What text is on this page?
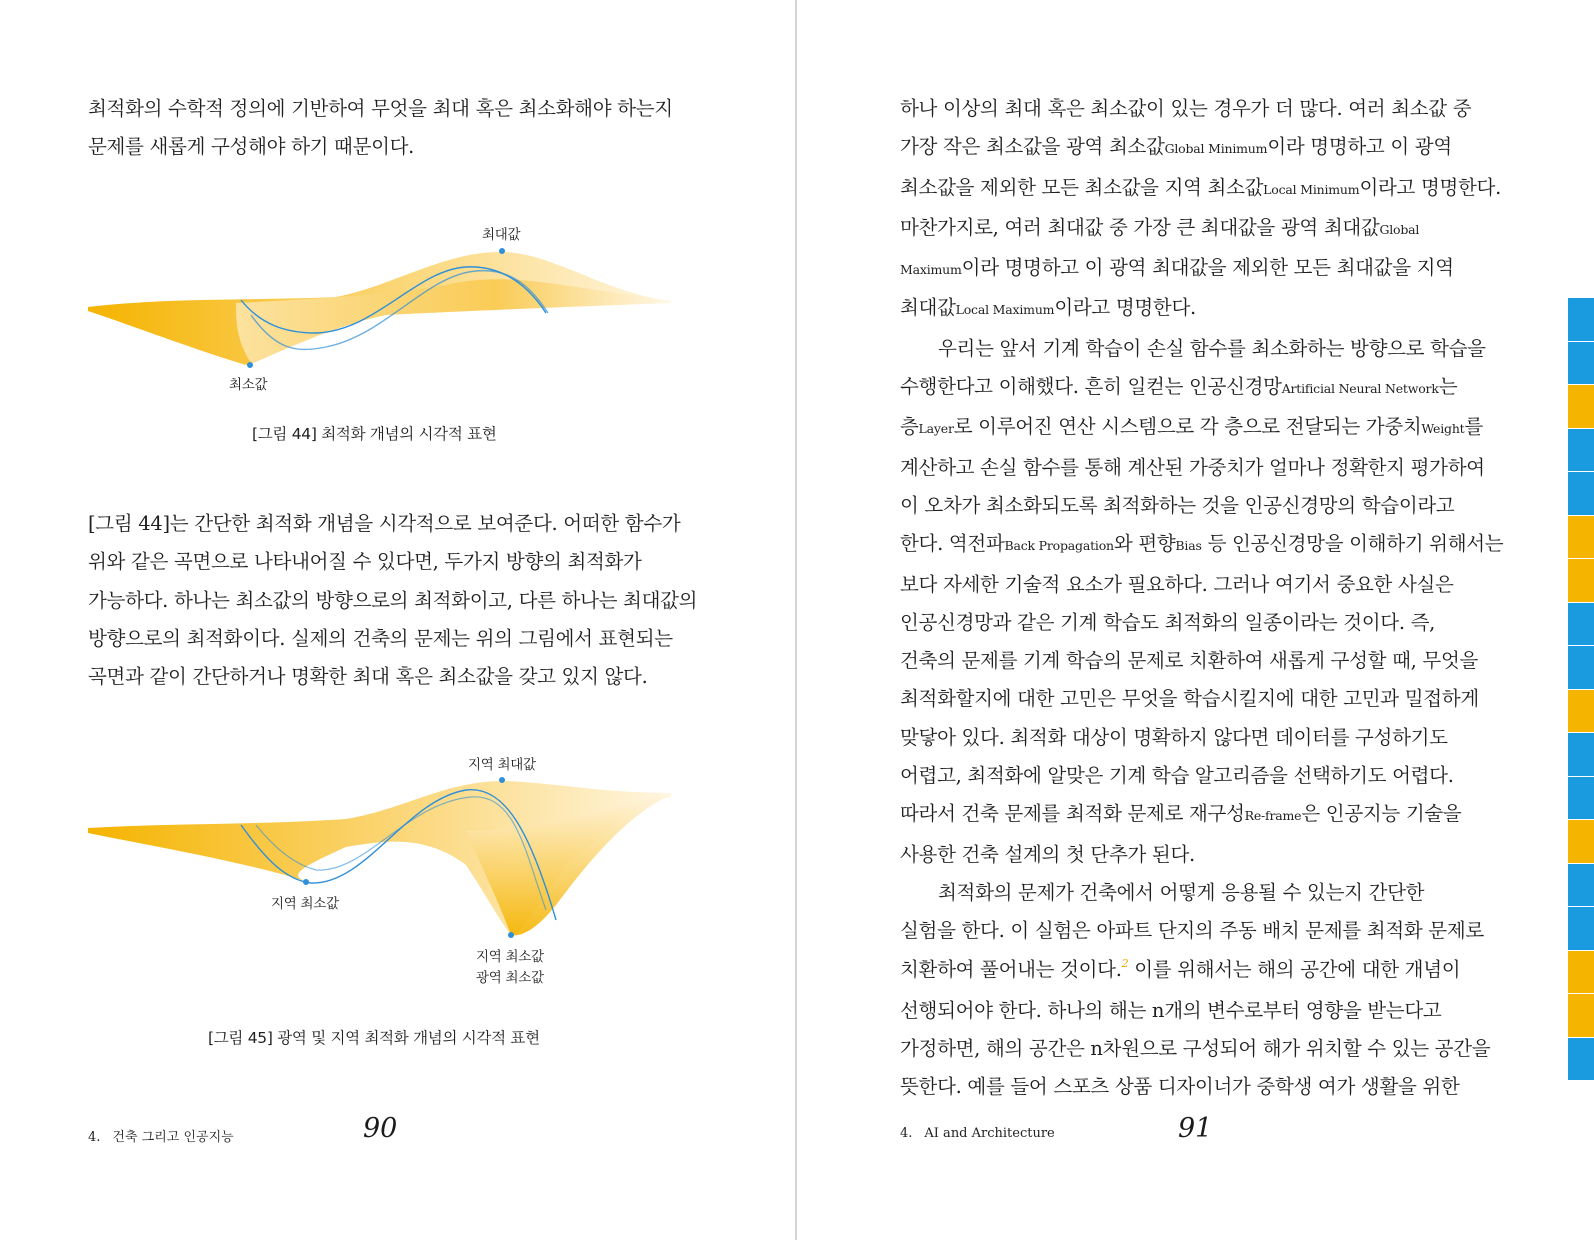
최적화의 수학적 정의에 기반하여 무엇을 최대 혹은 최소화해야 하는지

문제를 새롭게 구성해야 하기 때문이다.

최대값
최소값
[그림 44] 최적화 개념의 시각적 표현

[그림 44]는 간단한 최적화 개념을 시각적으로 보여준다. 어떠한 함수가

위와 같은 곡면으로 나타내어질 수 있다면, 두가지 방향의 최적화가

가능하다. 하나는 최소값의 방향으로의 최적화이고, 다른 하나는 최대값의

방향으로의 최적화이다. 실제의 건축의 문제는 위의 그림에서 표현되는

곡면과 같이 간단하거나 명확한 최대 혹은 최소값을 갖고 있지 않다.

지역 최대값
지역 최소값
지역 최소값
광역 최소값
[그림 45] 광역 및 지역 최적화 개념의 시각적 표현
4. 건축 그리고 인공지능	90

하나 이상의 최대 혹은 최소값이 있는 경우가 더 많다. 여러 최소값 중

가장 작은 최소값을 광역 최소값Global Minimum이라 명명하고 이 광역

최소값을 제외한 모든 최소값을 지역 최소값Local Minimum이라고 명명한다.

마찬가지로, 여러 최대값 중 가장 큰 최대값을 광역 최대값Global

Maximum이라 명명하고 이 광역 최대값을 제외한 모든 최대값을 지역

최대값Local Maximum이라고 명명한다.

우리는 앞서 기계 학습이 손실 함수를 최소화하는 방향으로 학습을

수행한다고 이해했다. 흔히 일컫는 인공신경망Artificial Neural Network는

층Layer로 이루어진 연산 시스템으로 각 층으로 전달되는 가중치Weight를

계산하고 손실 함수를 통해 계산된 가중치가 얼마나 정확한지 평가하여

이 오차가 최소화되도록 최적화하는 것을 인공신경망의 학습이라고

한다. 역전파Back Propagation와 편향Bias 등 인공신경망을 이해하기 위해서는

보다 자세한 기술적 요소가 필요하다. 그러나 여기서 중요한 사실은

인공신경망과 같은 기계 학습도 최적화의 일종이라는 것이다. 즉,

건축의 문제를 기계 학습의 문제로 치환하여 새롭게 구성할 때, 무엇을

최적화할지에 대한 고민은 무엇을 학습시킬지에 대한 고민과 밀접하게

맞닿아 있다. 최적화 대상이 명확하지 않다면 데이터를 구성하기도

어렵고, 최적화에 알맞은 기계 학습 알고리즘을 선택하기도 어렵다.

따라서 건축 문제를 최적화 문제로 재구성Re-frame은 인공지능 기술을

사용한 건축 설계의 첫 단추가 된다.

최적화의 문제가 건축에서 어떻게 응용될 수 있는지 간단한

실험을 한다. 이 실험은 아파트 단지의 주동 배치 문제를 최적화 문제로

치환하여 풀어내는 것이다.$^2$ 이를 위해서는 해의 공간에 대한 개념이

선행되어야 한다. 하나의 해는 n개의 변수로부터 영향을 받는다고

가정하면, 해의 공간은 n차원으로 구성되어 해가 위치할 수 있는 공간을

뜻한다. 예를 들어 스포츠 상품 디자이너가 중학생 여가 생활을 위한

4. AI and Architecture	91
